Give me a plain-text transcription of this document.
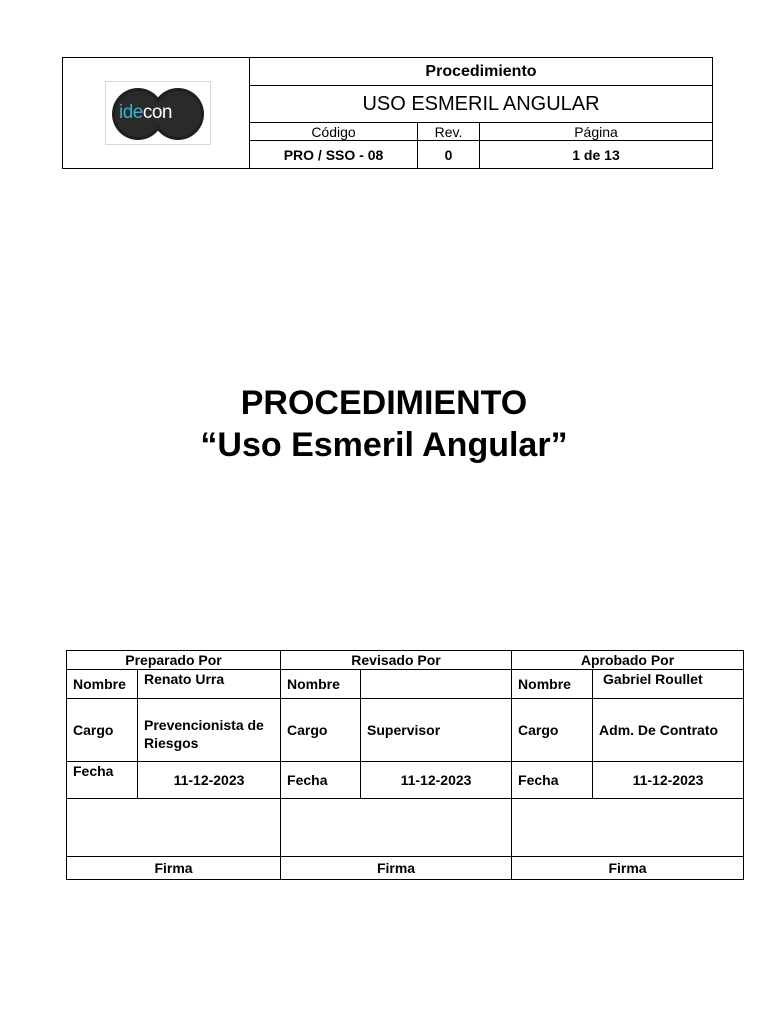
idecon	Procedimiento		
	USO ESMERIL ANGULAR		
	Código	Rev.	Página
	PRO / SSO - 08	0	1 de 13
PROCEDIMIENTO
“Uso Esmeril Angular”
Preparado Por		Revisado Por		Aprobado Por	
Nombre	Renato Urra	Nombre		Nombre	Gabriel Roullet
Cargo	Prevencionista de Riesgos	Cargo	Supervisor	Cargo	Adm. De Contrato
Fecha	11-12-2023	Fecha	11-12-2023	Fecha	11-12-2023

Firma		Firma		Firma	
